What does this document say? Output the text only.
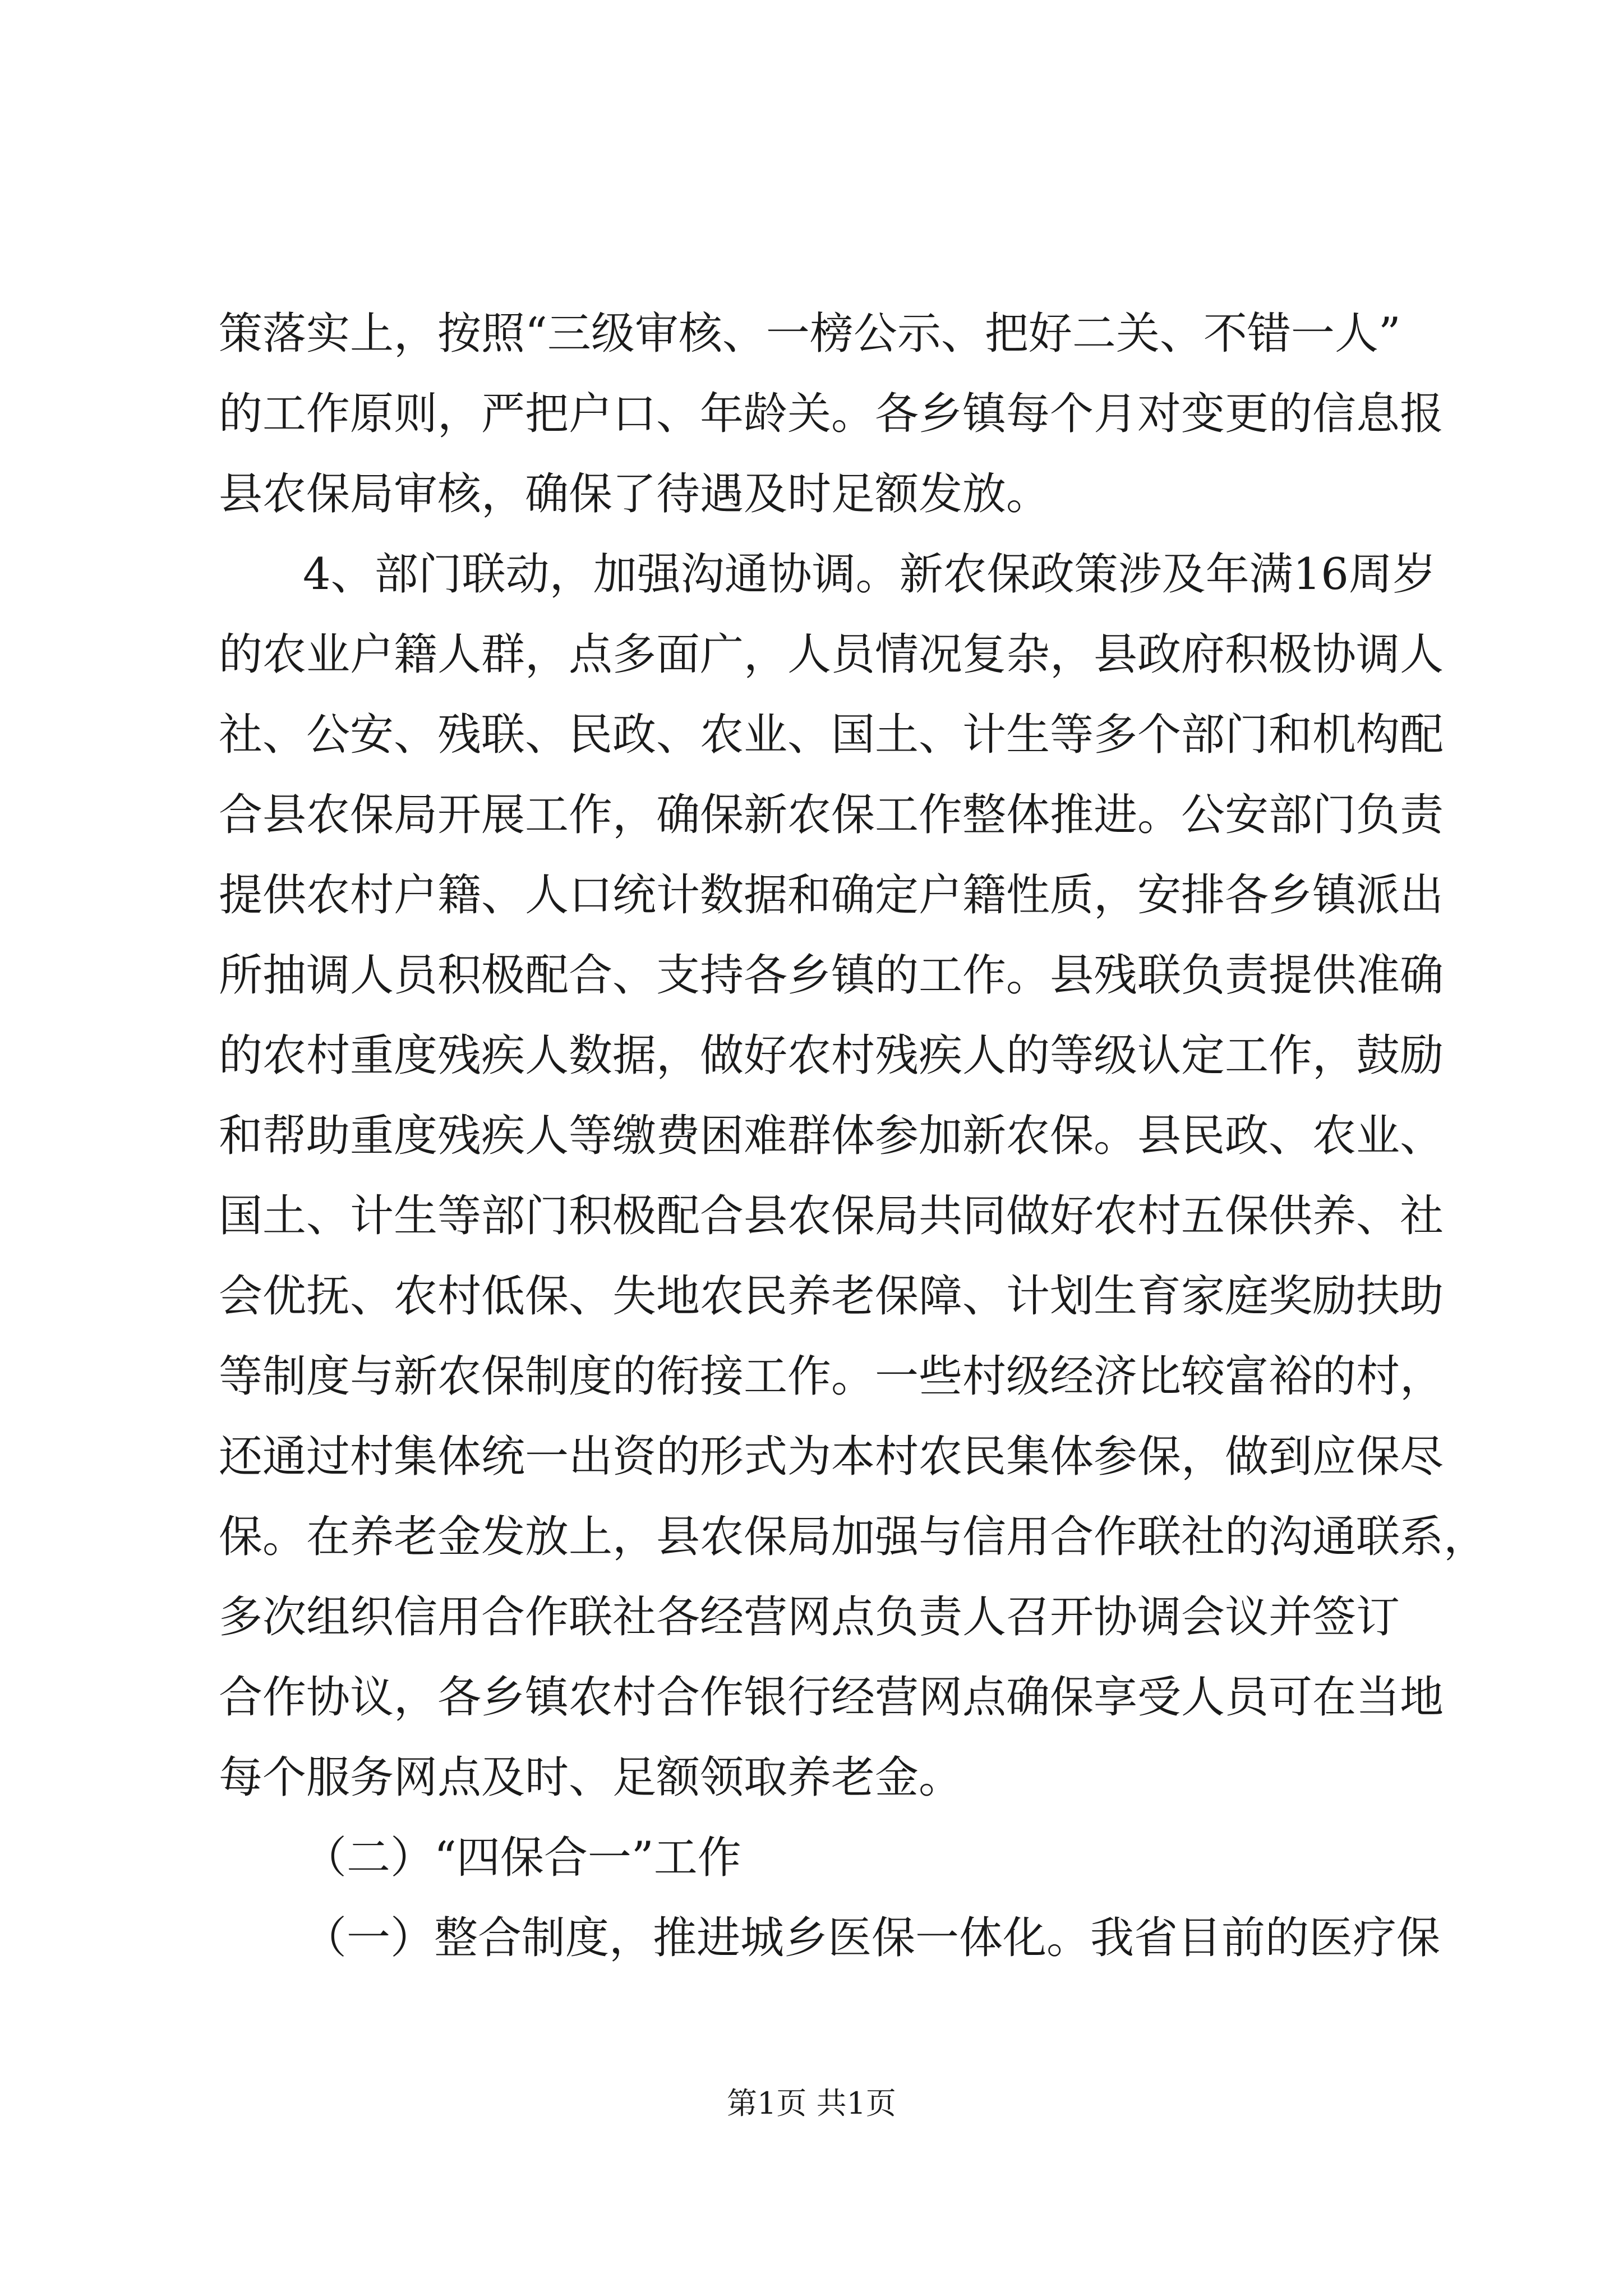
策落实上，按照“三级审核、一榜公示、把好二关、不错一人”
的工作原则，严把户口、年龄关。各乡镇每个月对变更的信息报
县农保局审核，确保了待遇及时足额发放。
4、部门联动，加强沟通协调。新农保政策涉及年满16周岁
的农业户籍人群，点多面广，人员情况复杂，县政府积极协调人
社、公安、残联、民政、农业、国土、计生等多个部门和机构配
合县农保局开展工作，确保新农保工作整体推进。公安部门负责
提供农村户籍、人口统计数据和确定户籍性质，安排各乡镇派出
所抽调人员积极配合、支持各乡镇的工作。县残联负责提供准确
的农村重度残疾人数据，做好农村残疾人的等级认定工作，鼓励
和帮助重度残疾人等缴费困难群体参加新农保。县民政、农业、
国土、计生等部门积极配合县农保局共同做好农村五保供养、社
会优抚、农村低保、失地农民养老保障、计划生育家庭奖励扶助
等制度与新农保制度的衔接工作。一些村级经济比较富裕的村，
还通过村集体统一出资的形式为本村农民集体参保，做到应保尽
保。在养老金发放上，县农保局加强与信用合作联社的沟通联系，
多次组织信用合作联社各经营网点负责人召开协调会议并签订
合作协议，各乡镇农村合作银行经营网点确保享受人员可在当地
每个服务网点及时、足额领取养老金。
（二）“四保合一”工作
（一）整合制度，推进城乡医保一体化。我省目前的医疗保
第1页 共1页
